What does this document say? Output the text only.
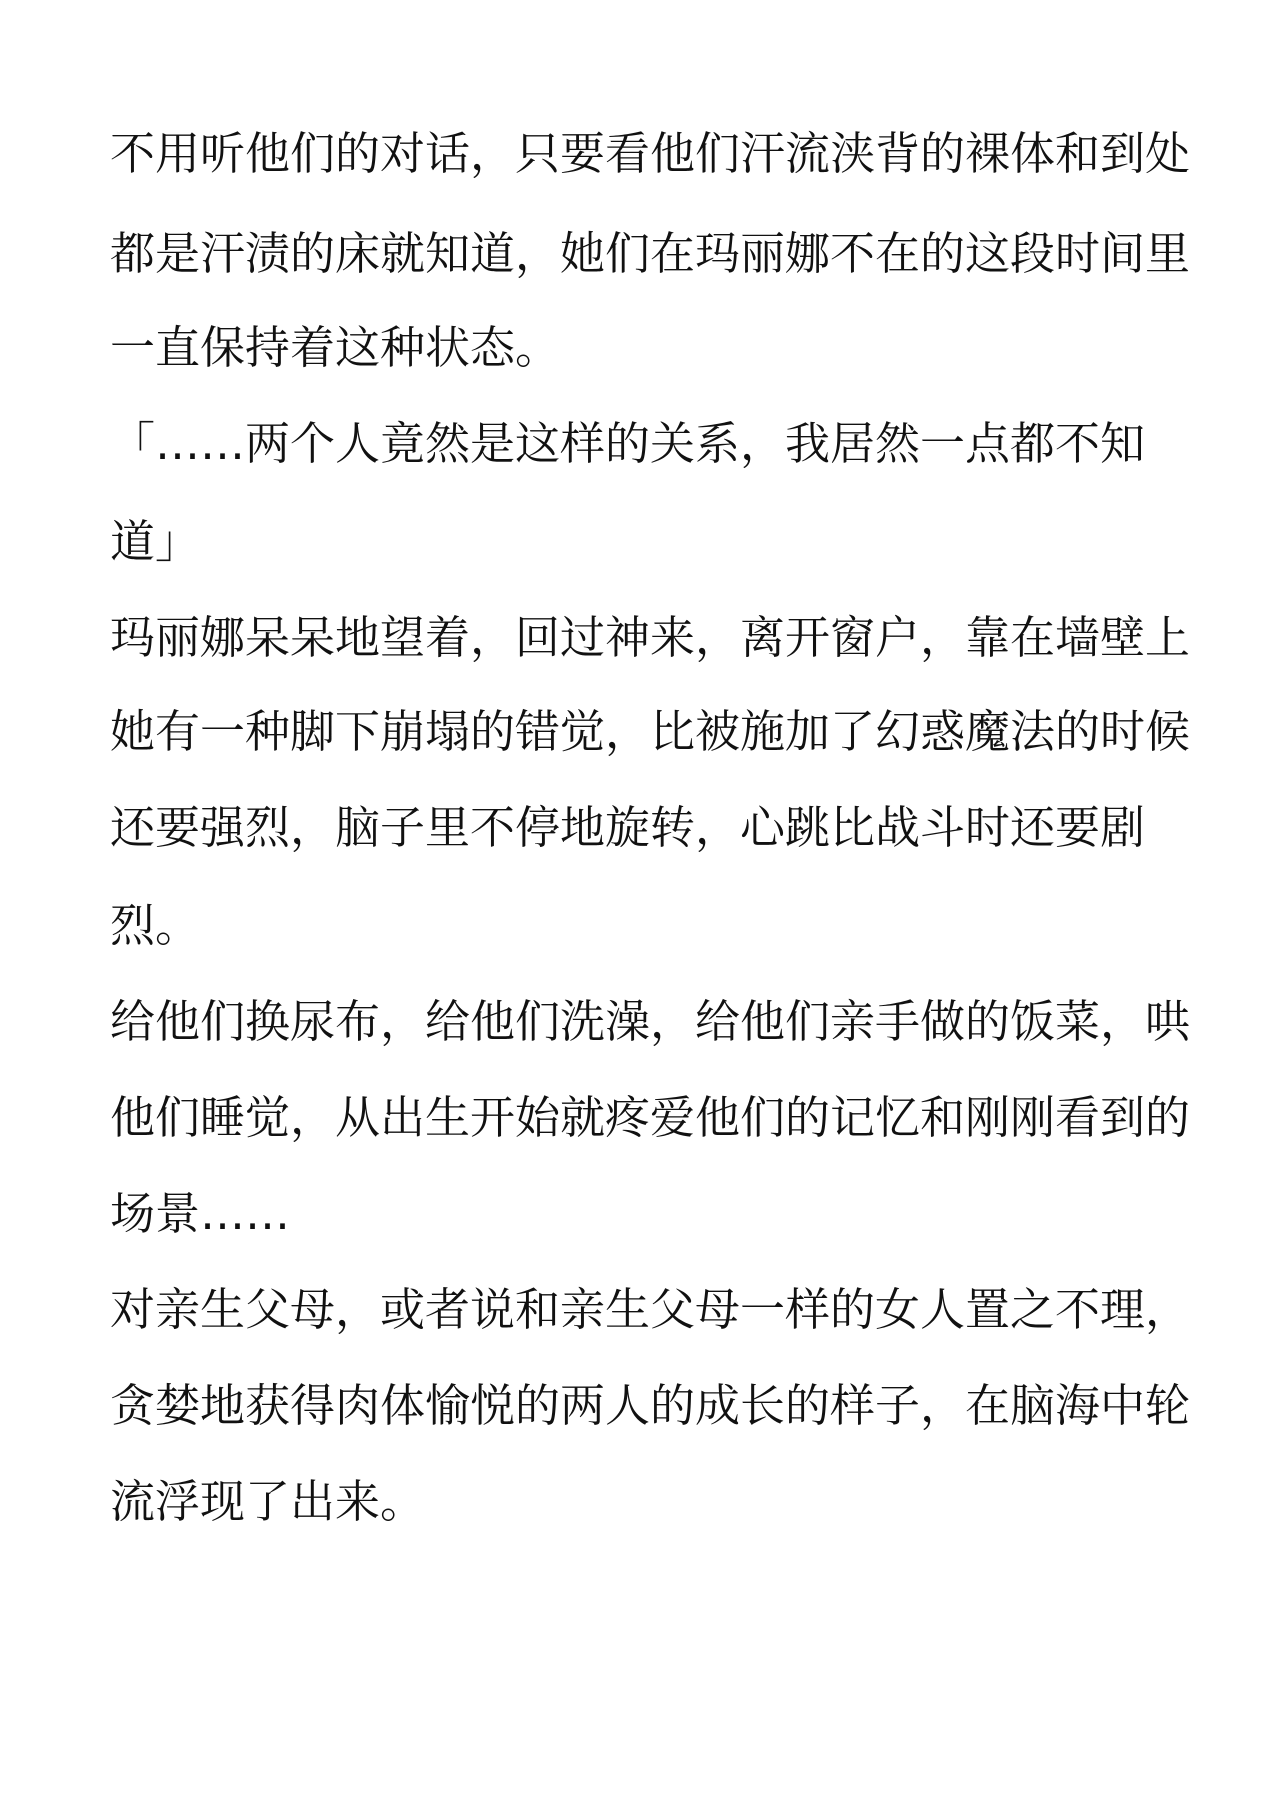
不用听他们的对话，只要看他们汗流浃背的裸体和到处

都是汗渍的床就知道，她们在玛丽娜不在的这段时间里

一直保持着这种状态。

「……两个人竟然是这样的关系，我居然一点都不知

道」

玛丽娜呆呆地望着，回过神来，离开窗户，靠在墙壁上

她有一种脚下崩塌的错觉，比被施加了幻惑魔法的时候

还要强烈，脑子里不停地旋转，心跳比战斗时还要剧

烈。

给他们换尿布，给他们洗澡，给他们亲手做的饭菜，哄

他们睡觉，从出生开始就疼爱他们的记忆和刚刚看到的

场景……

对亲生父母，或者说和亲生父母一样的女人置之不理，

贪婪地获得肉体愉悦的两人的成长的样子，在脑海中轮

流浮现了出来。
